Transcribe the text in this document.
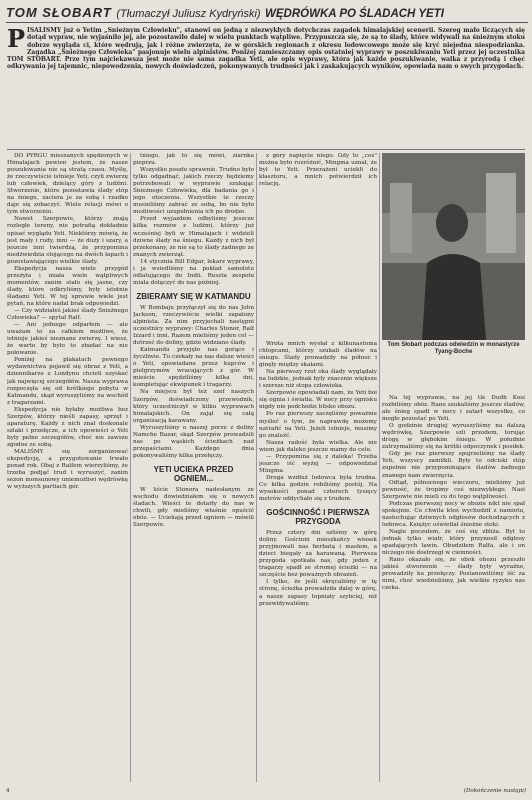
TOM SŁOBART (Tłumaczył Juliusz Kydryński) WĘDRÓWKA PO ŚLADACH YETI
P ISALISMY już o Yetim „Śnieżnym Człowieku", stanowi on jedną z niezwykłych dotychczas zagadek himalajskiej scenerii. Szereg mało liczących się dotąd wypraw, nie wyjaśniło jej, ale pozostawiło dalej w wielu punktach wątpliwe. Przypuszcza się, że są to ślady, które widywali na śnieżnym stoku dobrze wygląda ci, które wędrują, jak i różne zwierzęta, że w górskich regionach z okresu lodowcowego może się kryć niejedna niespodzianka. Zagadka „Śnieżnego Człowieka" pasjonuje wielu alpinistów. Poniżej zamieszczamy opis ostatniej wyprawy w poszukiwaniu Yeti przez jej uczestnika TOM STOBART. Prze tym najciekawsza jest może nie sama zagadka Yeti, ale opis wyprawy, która jak każde poszukiwanie, walka z przyrodą i chęć odkrywania jej tajemnic, niepowodzenia, nowych doświadczeń, pokonywanych trudności jak i zaskakujących wyników, opowiada nam o swych przygodach.

DO PYRGU mieszanych spędzonych w Himalajach pewien jestem, że nasze poszukiwania nie są stratą czasu. Myślę, że rzeczywiście istnieje Yeti, czyli zwierzę lub człowiek, dzielący góry z ludźmi. Stworzenie, które pozostawia ślady stóp na śniegu, zaciera je za sobą i rzadko daje się zobaczyć. Wiele relacji mówi o tym stworzeniu.

Nawet Szerpowie, którzy znają rozległe tereny, nie potrafią dokładnie opisać wyglądu Yeti. Niektórzy mówią, że jest mały i rudy, inni — że duży i szary, a jeszcze inni twierdzą, że przypomina niedźwiedzia stojącego na dwóch łapach i pozostawiającego wielkie ślady.

Ekspedycja nasza wiele przygód przeżyła i miała wiele wątpliwych momentów, zanim stało się jasne, czy ślady, które odkryliśmy, były istotnie śladami Yeti. W tej sprawie wiele jest pytań, na które nadal brak odpowiedzi.

— Czy widziałeś jakieś ślady Śnieżnego Człowieka? — spytał Ralf.

— Ani jednego odparłem — ale uważam to za całkiem możliwe, że istnieje jakieś nieznane zwierzę. I wiesz, że warto by było to zbadać na nie połowanie.

Poniżej na plakatach pewnego wydawnictwa pojawił się obraz z Yeti, a dziennikarze z Londynu chcieli uzyskać jak najwięcej szczegółów. Nasza wyprawa rozpoczęła się od krótkiego pobytu w Katmandu, skąd wyruszyliśmy na wschód z tragarzami.

Ekspedycja nie byłaby możliwa bez Szerpów, którzy nieśli zapasy, sprzęt i aparaturę. Każdy z nich znał doskonale szlaki i przełęcze, a ich opowieści o Yeti były pełne szczegółów, choć nie zawsze zgodne ze sobą.

MALIŚMY się zorganizować ekspedycję, a przygotowanie trwało ponad rok. Obaj z Ralfem wierzyliśmy, że trzeba podjąć trud i wyruszyć, zanim sezon monsunowy uniemożliwi wędrówkę w wyższych partiach gór.

tniego, jak to się mówi, ziarnka pieprzu.

Wszystko poszło sprawnie. Trudno było tylko odgadnąć, jakich rzeczy będziemy potrzebowali w wyprawie szukając Śnieżnego Człowieka, dla badania go i jego otoczenia. Wszystkie te rzeczy musieliśmy zabrać ze sobą, bo nie było możliwości uzupełnienia ich po drodze.

Przed wyjazdem odbyliśmy jeszcze kilka rozmów z ludźmi, którzy już wcześniej byli w Himalajach i widzieli dziwne ślady na śniegu. Każdy z nich był przekonany, że nie są to ślady żadnego ze znanych zwierząt.

14 stycznia Bill Edgar, lekarz wyprawy, i ja wsiedliśmy na pokład samolotu odlatującego do Indii. Reszta zespołu miała dołączyć do nas później.

ZBIERAMY SIĘ W KATMANDU

W Bombaju przyłączył się do nas John Jackson, rzeczywiście wielki zapalony alpinista. Za nim przyjechali następni uczestnicy wyprawy: Charles Stonor, Ralf Izzard i inni. Razem mieliśmy jeden cel — dotrzeć do doliny, gdzie widziano ślady.

Katmandu przyjęło nas gorąco i życzliwie. Tu czekały na nas dalsze wieści o Yeti, opowiadane przez kupców i pielgrzymów wracających z gór. W mieście spędziliśmy kilka dni, kompletując ekwipunek i tragarzy.

Na miejscu był też szef naszych Szerpów, doświadczony przewodnik, który uczestniczył w kilku wyprawach himalajskich. On zajął się całą organizacją karawany.

Wyruszyliśmy o naszej porze z doliny Namche Bazar, skąd Szerpów prowadzili nas po wąskich ścieżkach nad przepaściami. Każdego dnia pokonywaliśmy kilka przełęczy.

YETI UCIEKA PRZED OGNIEM...

W liście Stonora nadesłanym ze wschodu dowiedziałem się o nowych śladach. Wieści te dotarły do nas w chwili, gdy mieliśmy właśnie opuścić obóz. — Uciekają przed ogniem — mówili Szerpowie.

z góry napięcie niego. Gdy to „coś" można było rozróżnić, Mingma uznał, że był to Yeti. Przerażeni uciekli do klasztoru, a mnich potwierdził ich relację.

Tom Słobart podczas odwiedzin w monastyrze Tyang-Boche

Wrota mnich wysłał z kilkunastoma chłopcami, którzy szukali śladów na śniegu. Ślady prowadziły na północ i ginęły między skałami.

Na pierwszy rzut oka ślady wyglądały na ludzkie, jednak były znacznie większe i szersze niż stopa człowieka.

Szerpowie opowiadali nam, że Yeti boi się ognia i światła. W nocy przy ognisku nigdy nie podchodzi blisko obozu.

Po raz pierwszy zaczęliśmy poważnie myśleć o tym, że naprawdę możemy natrafić na Yeti. Jeżeli istnieje, musimy go znaleźć.

Nasza radość była wielka. Ale nie wiem jak daleko jeszcze mamy do celu.

— Przypomina się z daleka! Trzeba jeszcze iść wyżej — odpowiedział Mingma.

Droga wzdłuż lodowca była trudna. Co kilka godzin robiliśmy postój. Na wysokości ponad czterech tysięcy metrów oddychało się z trudem.

GOŚCINNOŚĆ I PIERWSZA PRZYGODA

Przez cztery dni szliśmy w górę doliny. Gościnni mieszkańcy wiosek przyjmowali nas herbatą i masłem, a dzieci biegały za karawaną. Pierwsza przygoda spotkała nas, gdy jeden z tragarzy spadł ze stromej ścieżki — na szczęście bez poważnych obrażeń.

I tylko, że jeśli skręcaliśmy w tę stronę, ścieżka prowadziła dalej w górę, a nasze zapasy topniały szybciej, niż przewidywaliśmy.

Na tej wyprawie, na jej tle Dudh Kosi rozbiliśmy obóz. Rano szukaliśmy jeszcze śladów, ale śnieg spadł w nocy i zatarł wszystko, co mogło pozostać po Yeti.

O godzinie drugiej wyruszyliśmy na dalszą wędrówkę. Szerpowie szli przodem, torując drogę w głębokim śniegu. W południe zatrzymaliśmy się na krótki odpoczynek i posiłek.

Gdy po raz pierwszy spojrzeliśmy na ślady Yeti, wszyscy zamilkli. Były to odciski stóp zupełnie nie przypominające śladów żadnego znanego nam zwierzęcia.

Odtąd, północnego wieczoru, mieliśmy już pewność, że tropimy coś niezwykłego. Nasi Szerpowie nie mieli co do tego wątpliwości.

Podczas pierwszej nocy w obozie nikt nie spał spokojnie. Co chwila ktoś wychodził z namiotu, nasłuchując dziwnych odgłosów dochodzących z lodowca. Księżyc oświetlał śnieżne stoki.

Nagle poczułem, że coś się zbliża. Był to jednak tylko wiatr, który przynosił odgłosy spadających lawin. Obudziłem Ralfa, ale i on niczego nie dostrzegł w ciemności.

Rano okazało się, że obok obozu przeszło jakieś stworzenie — ślady były wyraźne, prowadziły ku przełęczy. Postanowiliśmy iść za nimi, choć wiedzieliśmy, jak wielkie ryzyko nas czeka.

4	(Dokończenie nastąpi)
